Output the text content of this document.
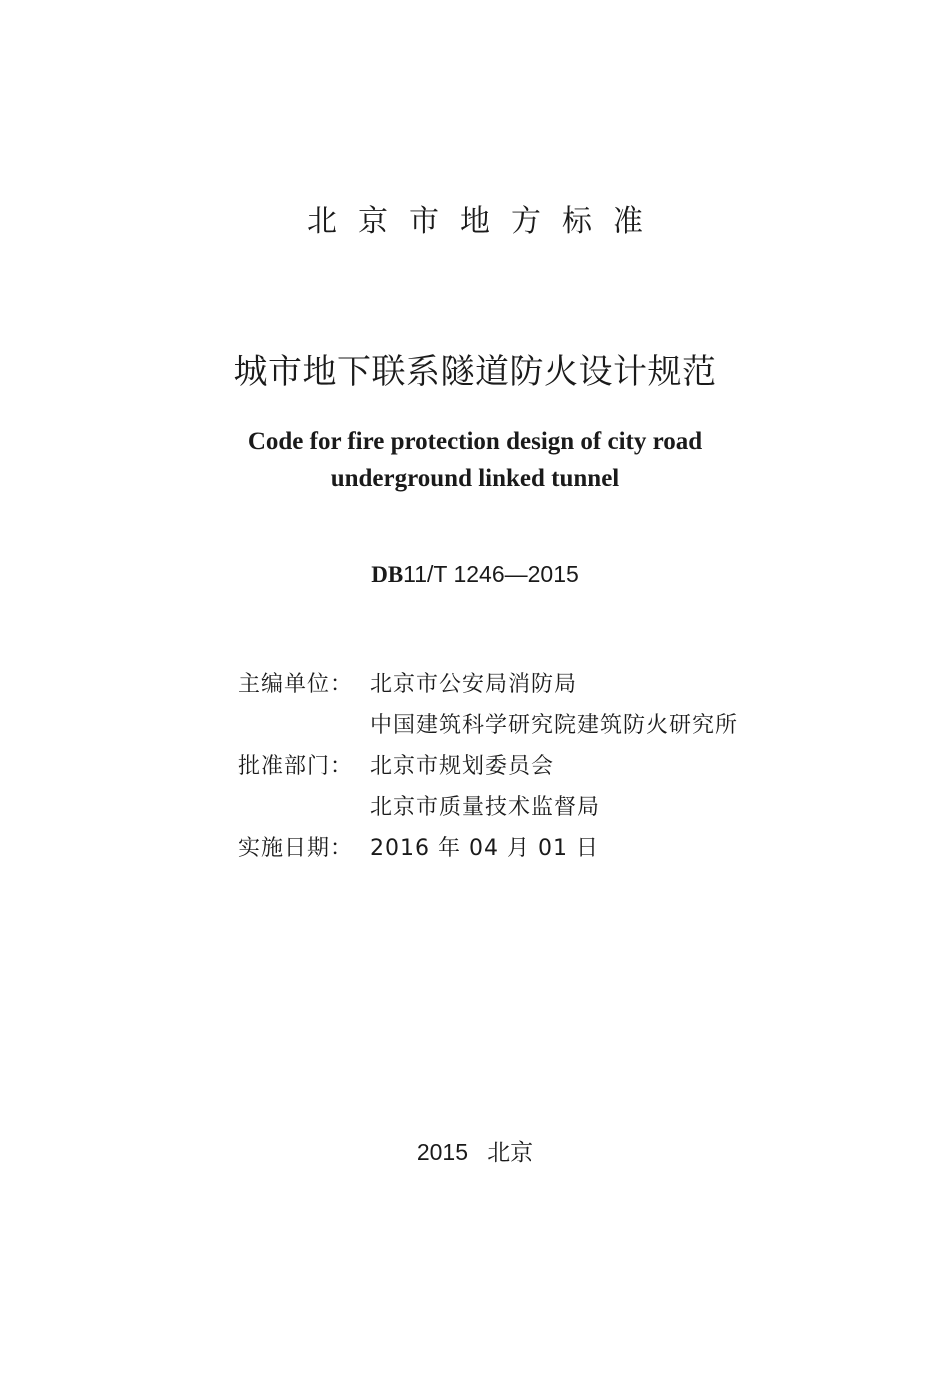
北京市地方标准
城市地下联系隧道防火设计规范
Code for fire protection design of city road
underground linked tunnel
DB11/T 1246—2015
主编单位： 北京市公安局消防局
中国建筑科学研究院建筑防火研究所
批准部门： 北京市规划委员会
北京市质量技术监督局
实施日期： 2016 年 04 月 01 日
2015 北京
